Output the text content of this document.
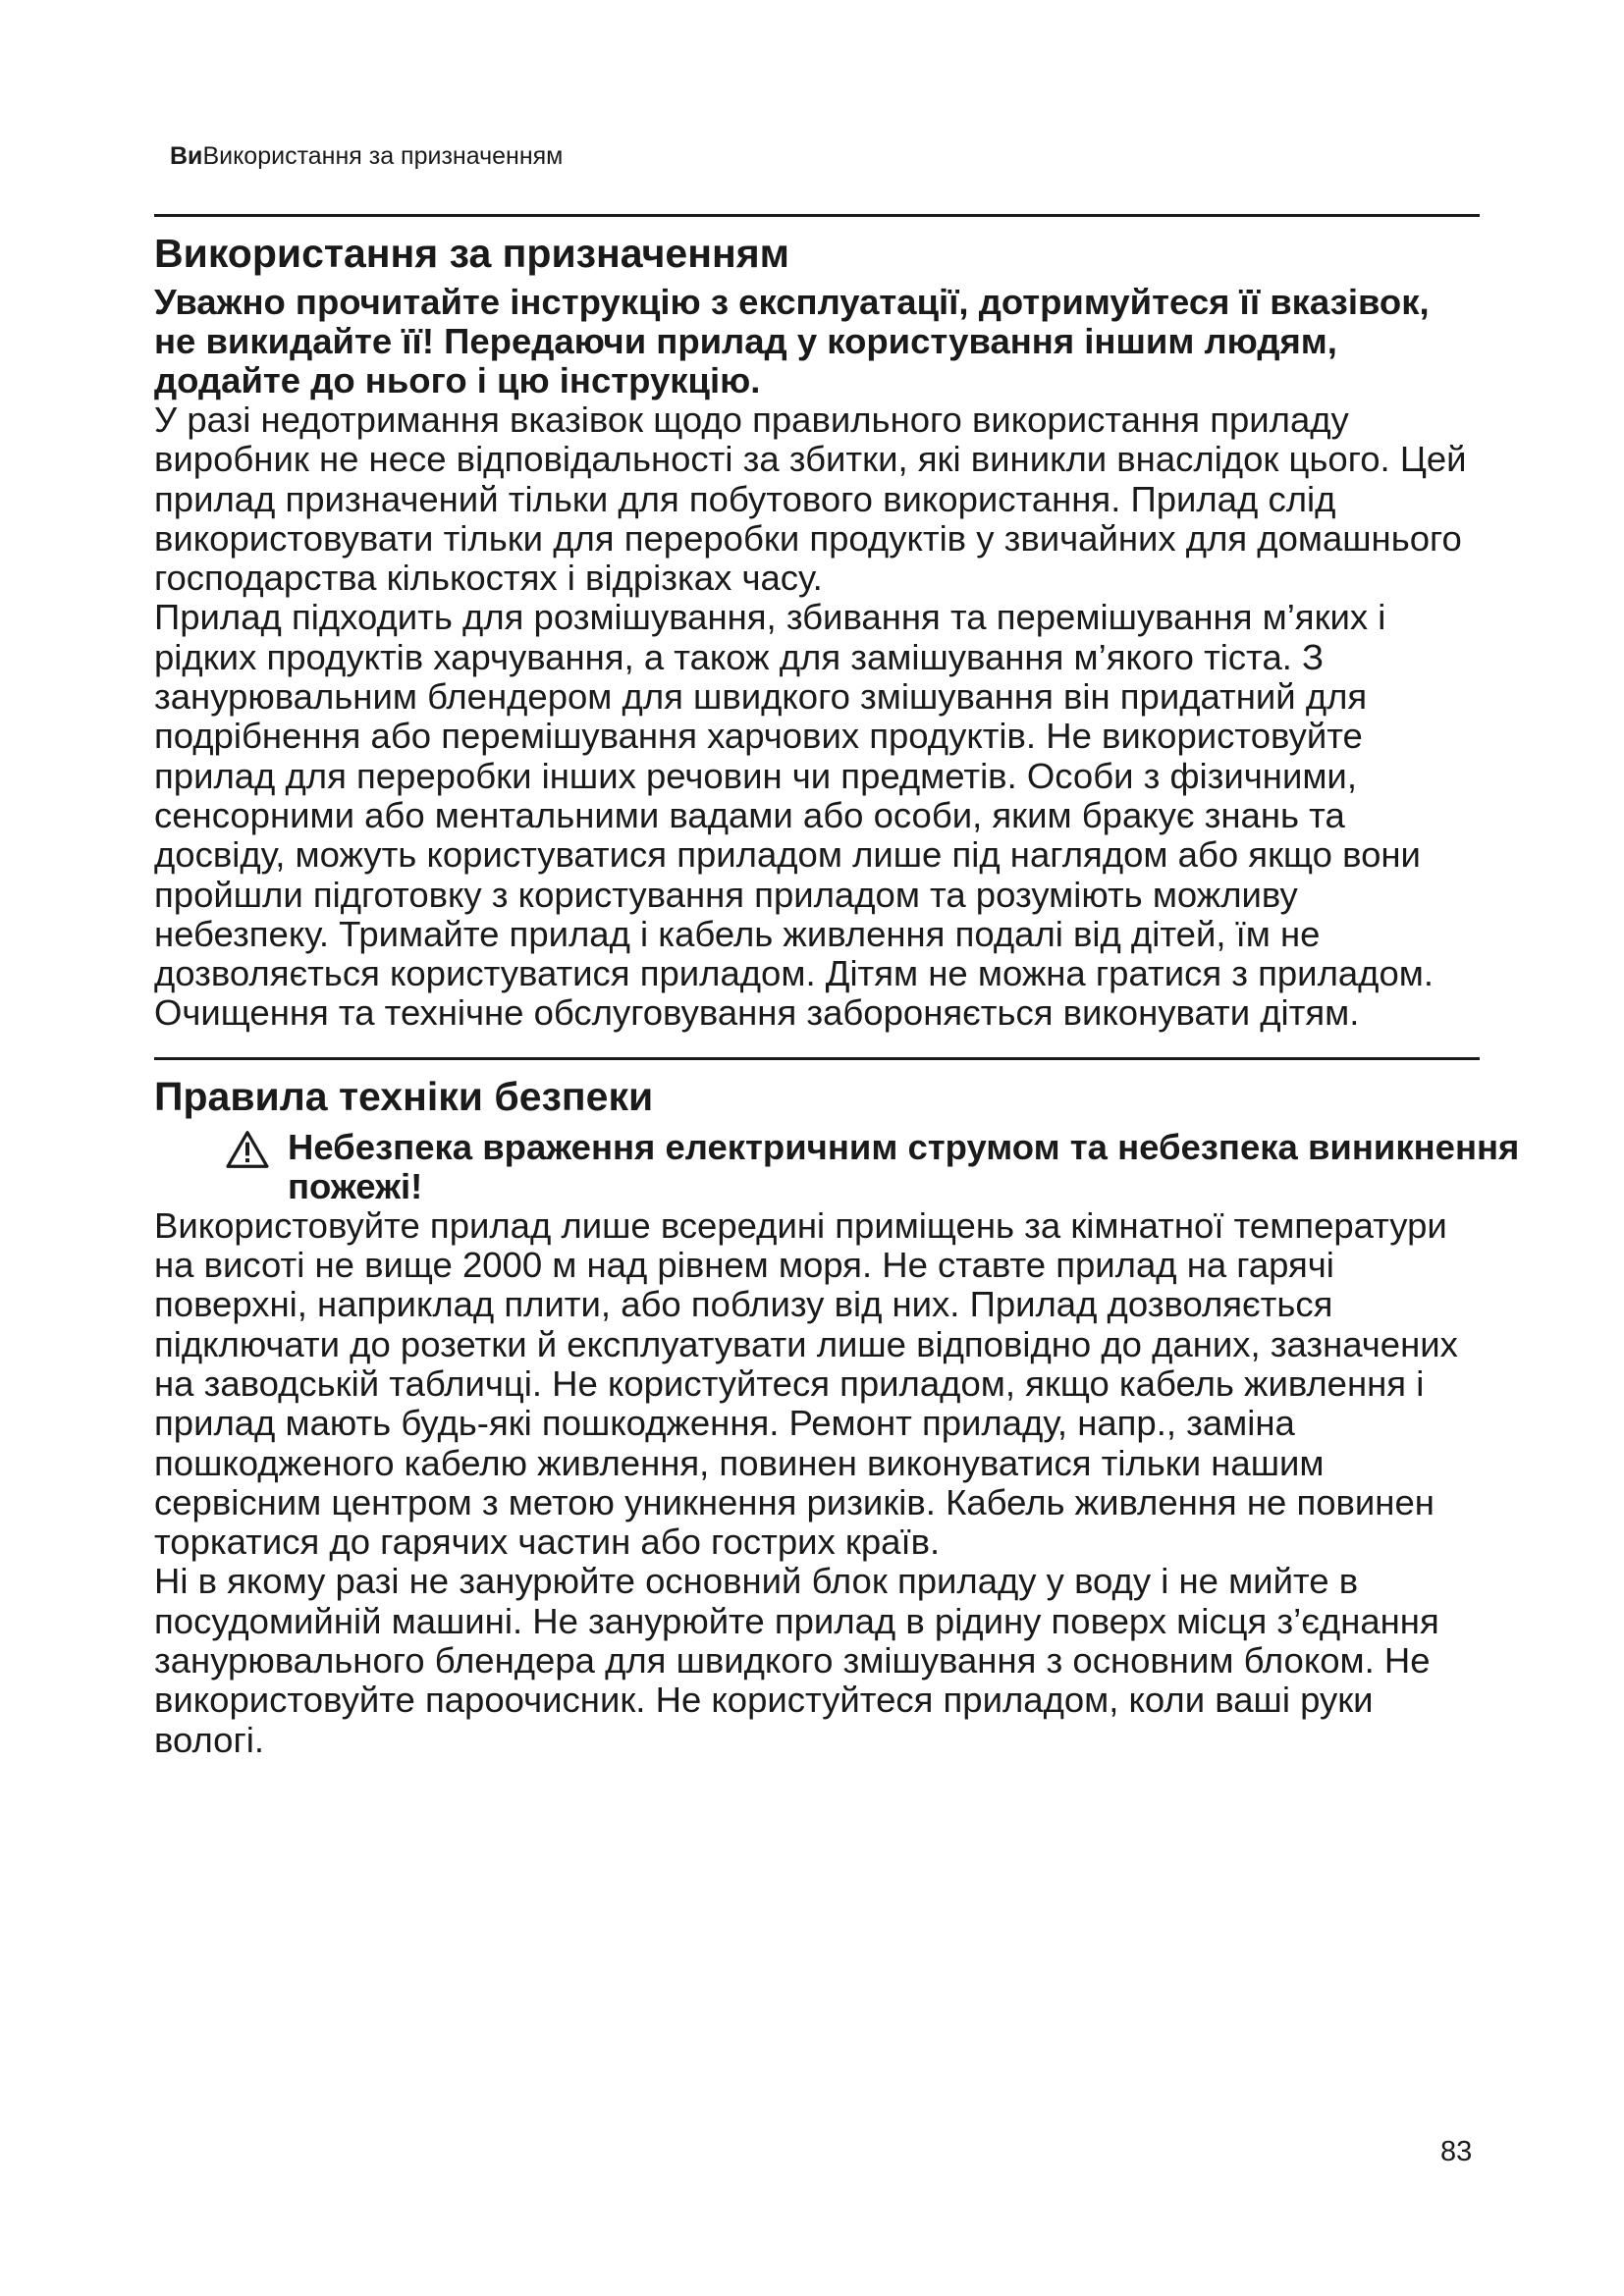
ВиВикористання за призначенням
Використання за призначенням

Уважно прочитайте інструкцію з експлуатації, дотримуйтеся її вказівок, не викидайте її! Передаючи прилад у користування іншим людям, додайте до нього і цю інструкцію.

У разі недотримання вказівок щодо правильного використання приладу виробник не несе відповідальності за збитки, які виникли внаслідок цього. Цей прилад призначений тільки для побутового використання. Прилад слід використовувати тільки для переробки продуктів у звичайних для домашнього господарства кількостях і відрізках часу.

Прилад підходить для розмішування, збивання та перемішування м’яких і рідких продуктів харчування, а також для замішування м’якого тіста. З занурювальним блендером для швидкого змішування він придатний для подрібнення або перемішування харчових продуктів. Не використовуйте прилад для переробки інших речовин чи предметів. Особи з фізичними, сенсорними або ментальними вадами або особи, яким бракує знань та досвіду, можуть користуватися приладом лише під наглядом або якщо вони пройшли підготовку з користування приладом та розуміють можливу небезпеку. Тримайте прилад і кабель живлення подалі від дітей, їм не дозволяється користуватися приладом. Дітям не можна гратися з приладом. Очищення та технічне обслуговування забороняється виконувати дітям.

Правила техніки безпеки

Небезпека враження електричним струмом та небезпека виникнення пожежі!

Використовуйте прилад лише всередині приміщень за кімнатної температури на висоті не вище 2000 м над рівнем моря. Не ставте прилад на гарячі поверхні, наприклад плити, або поблизу від них. Прилад дозволяється підключати до розетки й експлуатувати лише відповідно до даних, зазначених на заводській табличці. Не користуйтеся приладом, якщо кабель живлення і прилад мають будь-які пошкодження. Ремонт приладу, напр., заміна пошкодженого кабелю живлення, повинен виконуватися тільки нашим сервісним центром з метою уникнення ризиків. Кабель живлення не повинен торкатися до гарячих частин або гострих країв.

Ні в якому разі не занурюйте основний блок приладу у воду і не мийте в посудомийній машині. Не занурюйте прилад в рідину поверх місця з’єднання занурювального блендера для швидкого змішування з основним блоком. Не використовуйте пароочисник. Не користуйтеся приладом, коли ваші руки вологі.

83
